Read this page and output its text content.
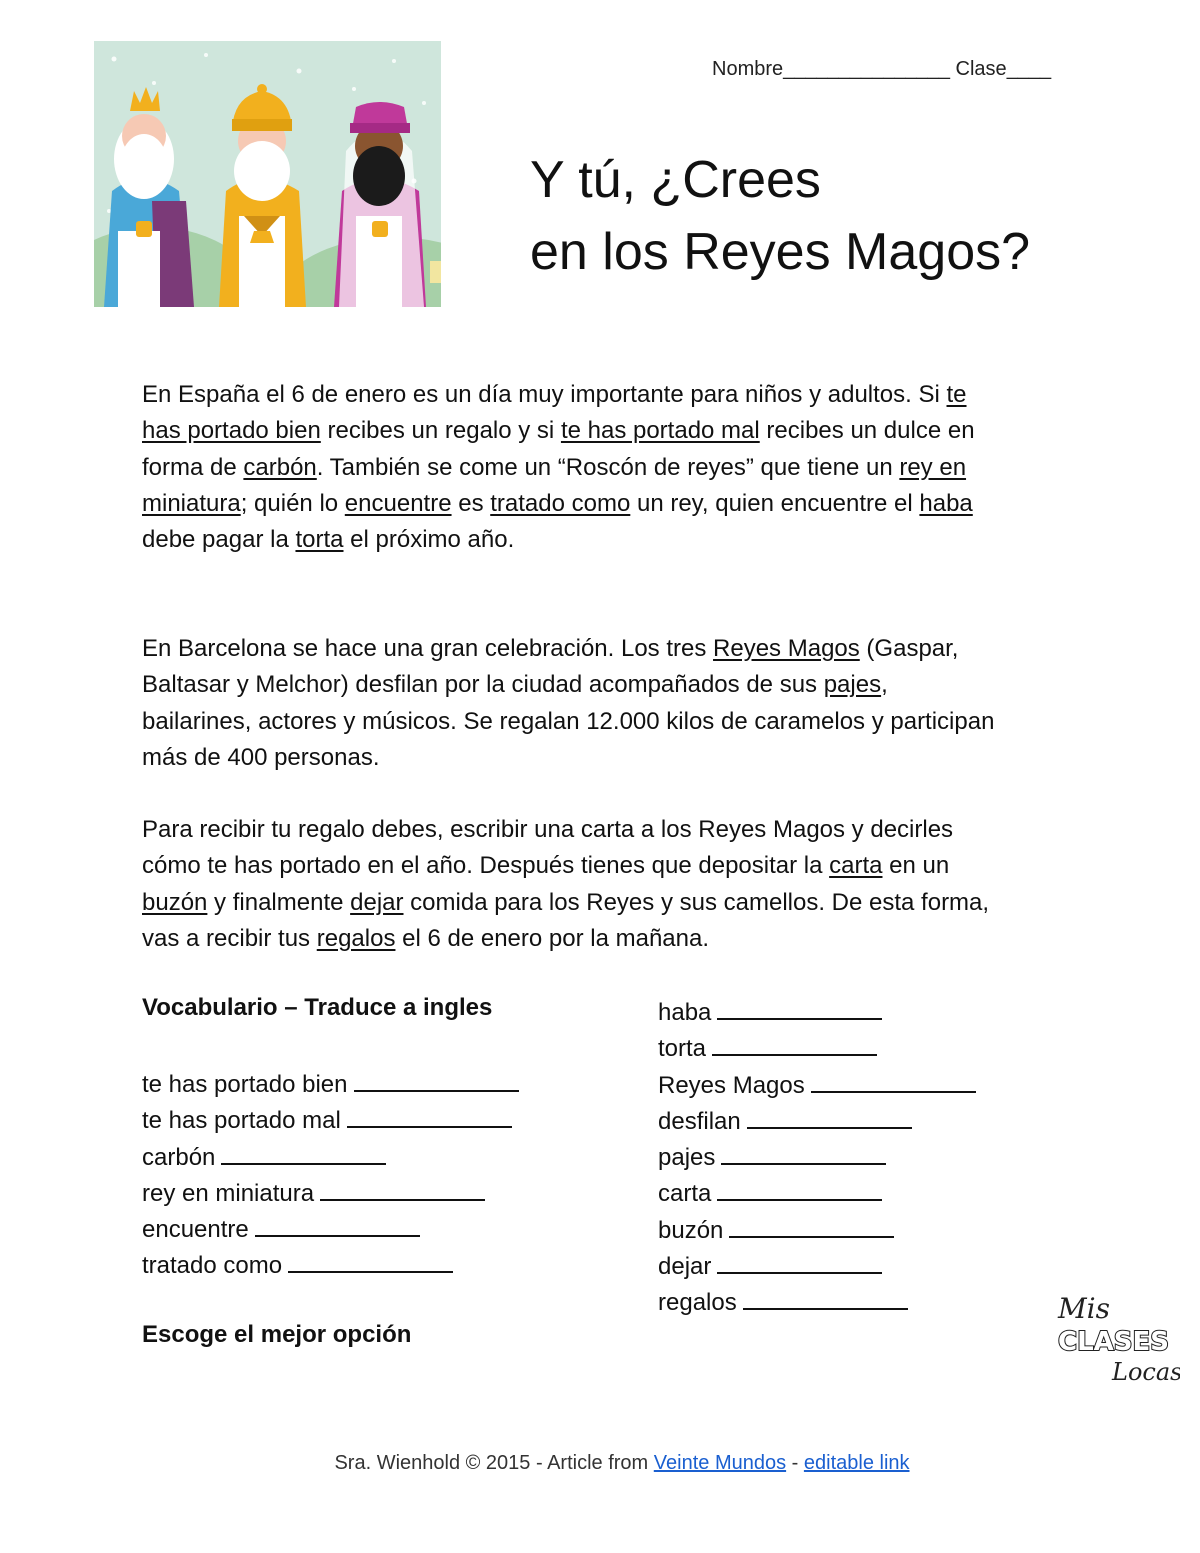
Nombre_______________ Clase____
Y tú, ¿Crees
en los Reyes Magos?
En España el 6 de enero es un día muy importante para niños y adultos. Si te has portado bien recibes un regalo y si te has portado mal recibes un dulce en forma de carbón. También se come un “Roscón de reyes” que tiene un rey en miniatura; quién lo encuentre es tratado como un rey, quien encuentre el haba debe pagar la torta el próximo año.
En Barcelona se hace una gran celebración. Los tres Reyes Magos (Gaspar, Baltasar y Melchor) desfilan por la ciudad acompañados de sus pajes, bailarines, actores y músicos. Se regalan 12.000 kilos de caramelos y participan más de 400 personas.
Para recibir tu regalo debes, escribir una carta a los Reyes Magos y decirles cómo te has portado en el año. Después tienes que depositar la carta en un buzón y finalmente dejar comida para los Reyes y sus camellos. De esta forma, vas a recibir tus regalos el 6 de enero por la mañana.
Vocabulario – Traduce a ingles
te has portado bien
te has portado mal
carbón
rey en miniatura
encuentre
tratado como
haba
torta
Reyes Magos
desfilan
pajes
carta
buzón
dejar
regalos
Escoge el mejor opción
Mis
CLASES
Locas
Sra. Wienhold © 2015 - Article from Veinte Mundos - editable link
